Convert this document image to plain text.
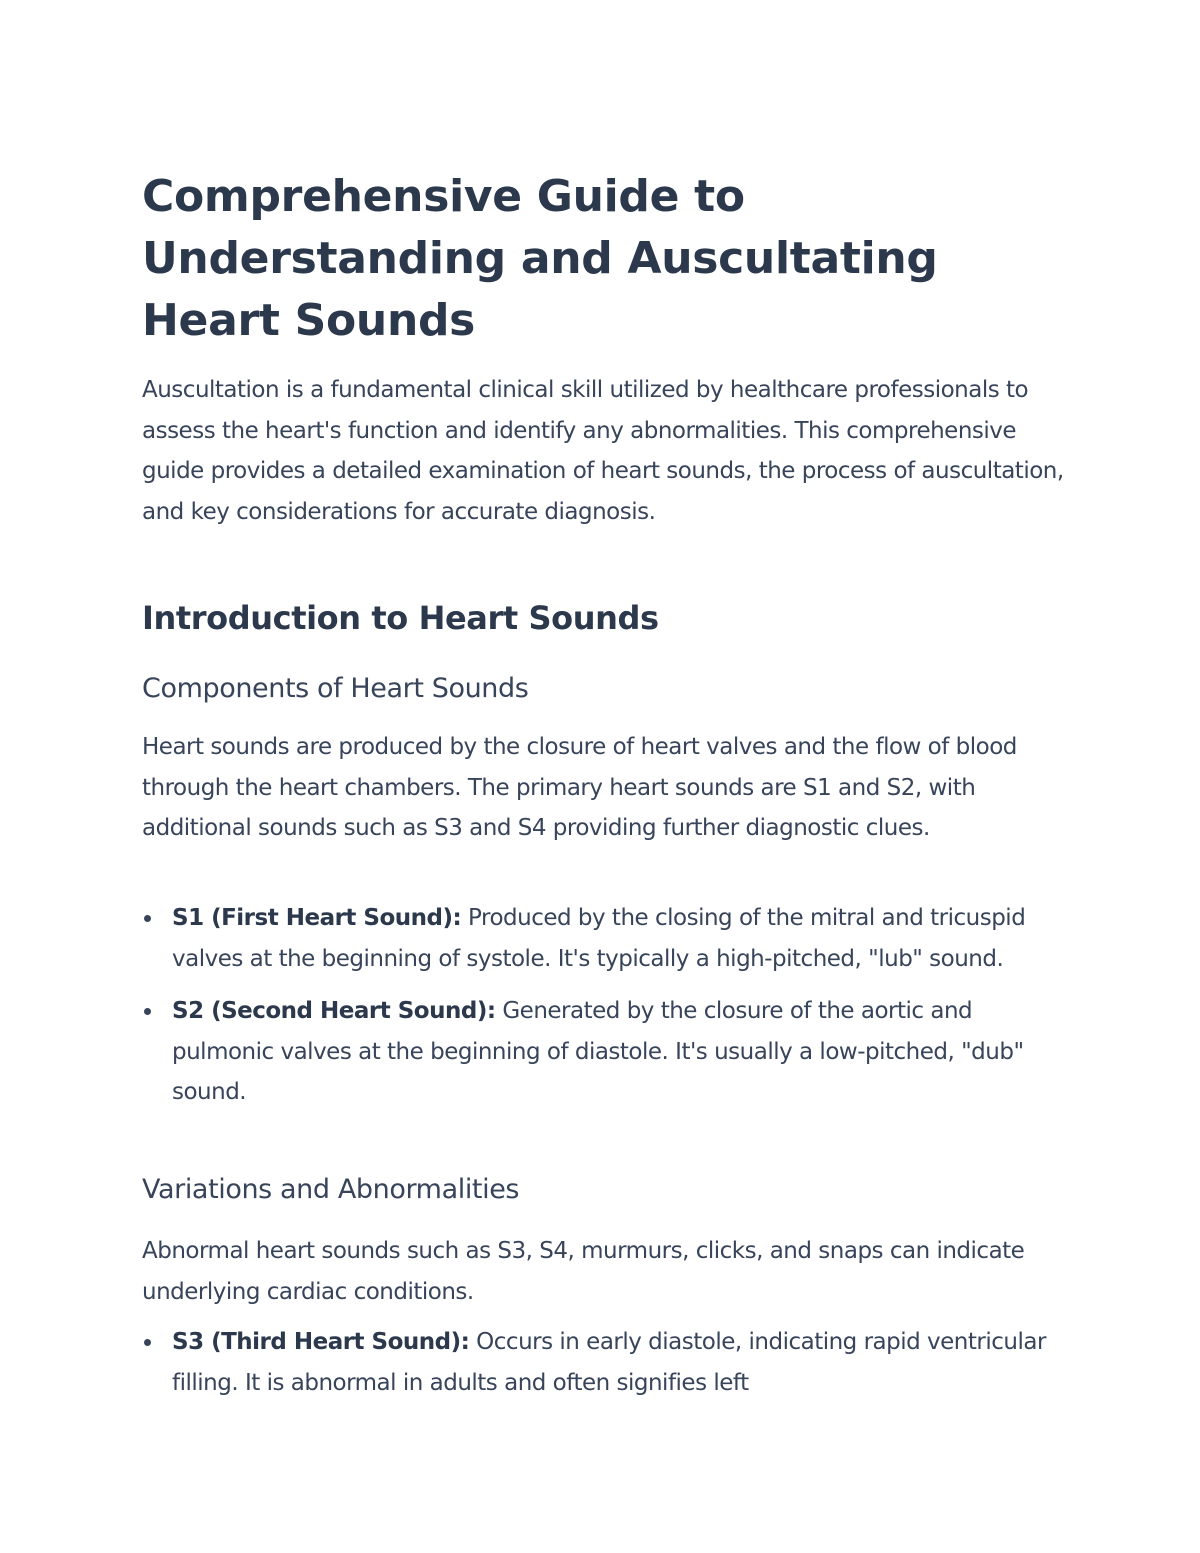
Comprehensive Guide to Understanding and Auscultating Heart Sounds

Auscultation is a fundamental clinical skill utilized by healthcare professionals to assess the heart's function and identify any abnormalities. This comprehensive guide provides a detailed examination of heart sounds, the process of auscultation, and key considerations for accurate diagnosis.

Introduction to Heart Sounds
Components of Heart Sounds

Heart sounds are produced by the closure of heart valves and the flow of blood through the heart chambers. The primary heart sounds are S1 and S2, with additional sounds such as S3 and S4 providing further diagnostic clues.

S1 (First Heart Sound): Produced by the closing of the mitral and tricuspid valves at the beginning of systole. It's typically a high-pitched, "lub" sound.
S2 (Second Heart Sound): Generated by the closure of the aortic and pulmonic valves at the beginning of diastole. It's usually a low-pitched, "dub" sound.
Variations and Abnormalities

Abnormal heart sounds such as S3, S4, murmurs, clicks, and snaps can indicate underlying cardiac conditions.

S3 (Third Heart Sound): Occurs in early diastole, indicating rapid ventricular filling. It is abnormal in adults and often signifies left
